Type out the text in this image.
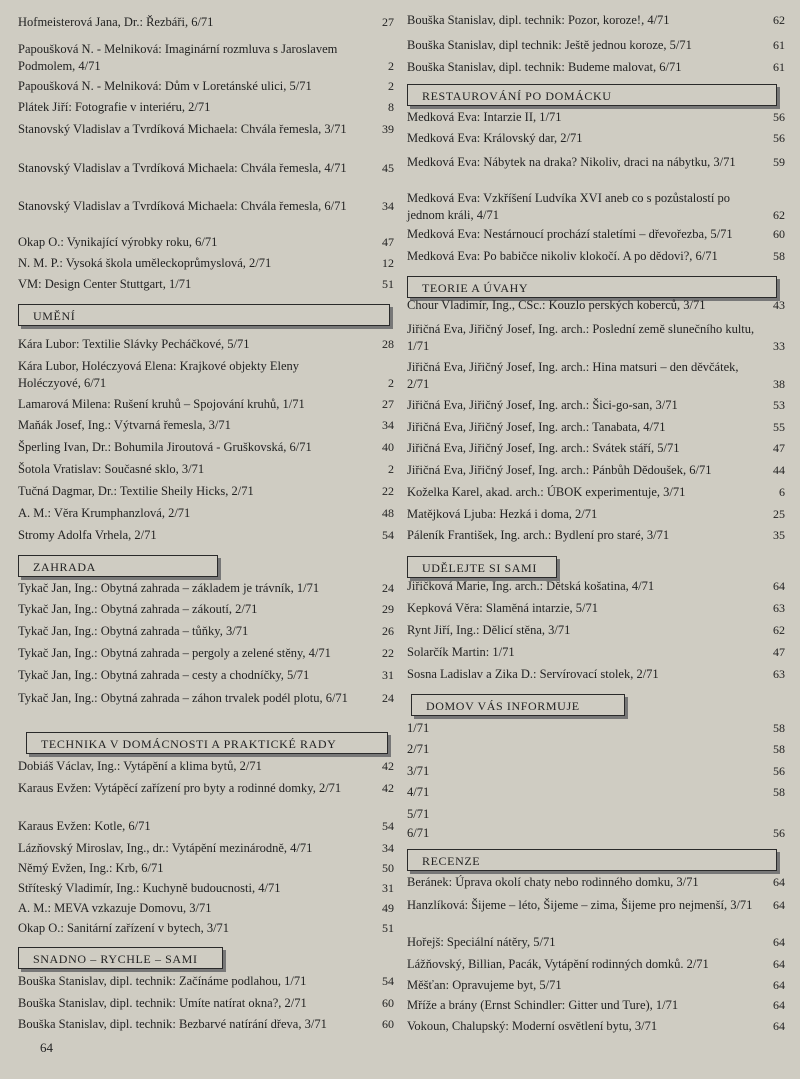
Hofmeisterová Jana, Dr.: Řezbáři, 6/71	27
Papoušková N. - Melniková: Imaginární rozmluva s Jaroslavem Podmolem, 4/71	2
Papoušková N. - Melniková: Dům v Loretánské ulici, 5/71	2
Plátek Jiří: Fotografie v interiéru, 2/71	8
Stanovský Vladislav a Tvrdíková Michaela: Chvála řemesla, 3/71	39
Stanovský Vladislav a Tvrdíková Michaela: Chvála řemesla, 4/71	45
Stanovský Vladislav a Tvrdíková Michaela: Chvála řemesla, 6/71	34
Okap O.: Vynikající výrobky roku, 6/71	47
N. M. P.: Vysoká škola uměleckoprůmyslová, 2/71	12
VM: Design Center Stuttgart, 1/71	51
UMĚNÍ
Kára Lubor: Textilie Slávky Pecháčkové, 5/71	28
Kára Lubor, Holéczyová Elena: Krajkové objekty Eleny Holéczyové, 6/71	2
Lamarová Milena: Rušení kruhů – Spojování kruhů, 1/71	27
Maňák Josef, Ing.: Výtvarná řemesla, 3/71	34
Šperling Ivan, Dr.: Bohumila Jiroutová - Gruškovská, 6/71	40
Šotola Vratislav: Současné sklo, 3/71	2
Tučná Dagmar, Dr.: Textilie Sheily Hicks, 2/71	22
A. M.: Věra Krumphanzlová, 2/71	48
Stromy Adolfa Vrhela, 2/71	54
ZAHRADA
Tykač Jan, Ing.: Obytná zahrada – základem je trávník, 1/71	24
Tykač Jan, Ing.: Obytná zahrada – zákoutí, 2/71	29
Tykač Jan, Ing.: Obytná zahrada – tůňky, 3/71	26
Tykač Jan, Ing.: Obytná zahrada – pergoly a zelené stěny, 4/71	22
Tykač Jan, Ing.: Obytná zahrada – cesty a chodníčky, 5/71	31
Tykač Jan, Ing.: Obytná zahrada – záhon trvalek podél plotu, 6/71	24
TECHNIKA V DOMÁCNOSTI A PRAKTICKÉ RADY
Dobiáš Václav, Ing.: Vytápění a klima bytů, 2/71	42
Karaus Evžen: Vytápěcí zařízení pro byty a rodinné domky, 2/71	42
Karaus Evžen: Kotle, 6/71	54
Lázňovský Miroslav, Ing., dr.: Vytápění mezinárodně, 4/71	34
Němý Evžen, Ing.: Krb, 6/71	50
Stříteský Vladimír, Ing.: Kuchyně budoucnosti, 4/71	31
A. M.: MEVA vzkazuje Domovu, 3/71	49
Okap O.: Sanitární zařízení v bytech, 3/71	51
SNADNO – RYCHLE – SAMI
Bouška Stanislav, dipl. technik: Začínáme podlahou, 1/71	54
Bouška Stanislav, dipl. technik: Umíte natírat okna?, 2/71	60
Bouška Stanislav, dipl. technik: Bezbarvé natírání dřeva, 3/71	60
Bouška Stanislav, dipl. technik: Pozor, koroze!, 4/71	62
Bouška Stanislav, dipl technik: Ještě jednou koroze, 5/71	61
Bouška Stanislav, dipl. technik: Budeme malovat, 6/71	61
RESTAUROVÁNÍ PO DOMÁCKU
Medková Eva: Intarzie II, 1/71	56
Medková Eva: Královský dar, 2/71	56
Medková Eva: Nábytek na draka? Nikoliv, draci na nábytku, 3/71	59
Medková Eva: Vzkříšení Ludvíka XVI aneb co s pozůstalostí po jednom králi, 4/71	62
Medková Eva: Nestárnoucí prochází staletími – dřevořezba, 5/71	60
Medková Eva: Po babičce nikoliv klokočí. A po dědovi?, 6/71	58
TEORIE A ÚVAHY
Chour Vladimír, Ing., CSc.: Kouzlo perských koberců, 3/71	43
Jiřičná Eva, Jiřičný Josef, Ing. arch.: Poslední země slunečního kultu, 1/71	33
Jiřičná Eva, Jiřičný Josef, Ing. arch.: Hina matsuri – den děvčátek, 2/71	38
Jiřičná Eva, Jiřičný Josef, Ing. arch.: Šici-go-san, 3/71	53
Jiřičná Eva, Jiřičný Josef, Ing. arch.: Tanabata, 4/71	55
Jiřičná Eva, Jiřičný Josef, Ing. arch.: Svátek stáří, 5/71	47
Jiřičná Eva, Jiřičný Josef, Ing. arch.: Pánbůh Dědoušek, 6/71	44
Koželka Karel, akad. arch.: ÚBOK experimentuje, 3/71	6
Matějková Ljuba: Hezká i doma, 2/71	25
Páleník František, Ing. arch.: Bydlení pro staré, 3/71	35
UDĚLEJTE SI SAMI
Jiřičková Marie, Ing. arch.: Dětská košatina, 4/71	64
Kepková Věra: Slaměná intarzie, 5/71	63
Rynt Jiří, Ing.: Dělicí stěna, 3/71	62
Solarčík Martin: 1/71	47
Sosna Ladislav a Zika D.: Servírovací stolek, 2/71	63
DOMOV VÁS INFORMUJE
1/71	58
2/71	58
3/71	56
4/71	58
5/71
6/71	56
RECENZE
Beránek: Úprava okolí chaty nebo rodinného domku, 3/71	64
Hanzlíková: Šijeme – léto, Šijeme – zima, Šijeme pro nejmenší, 3/71	64
Hořejš: Speciální nátěry, 5/71	64
Lážňovský, Billian, Pacák, Vytápění rodinných domků. 2/71	64
Měšťan: Opravujeme byt, 5/71	64
Mříže a brány (Ernst Schindler: Gitter und Ture), 1/71	64
Vokoun, Chalupský: Moderní osvětlení bytu, 3/71	64
64
